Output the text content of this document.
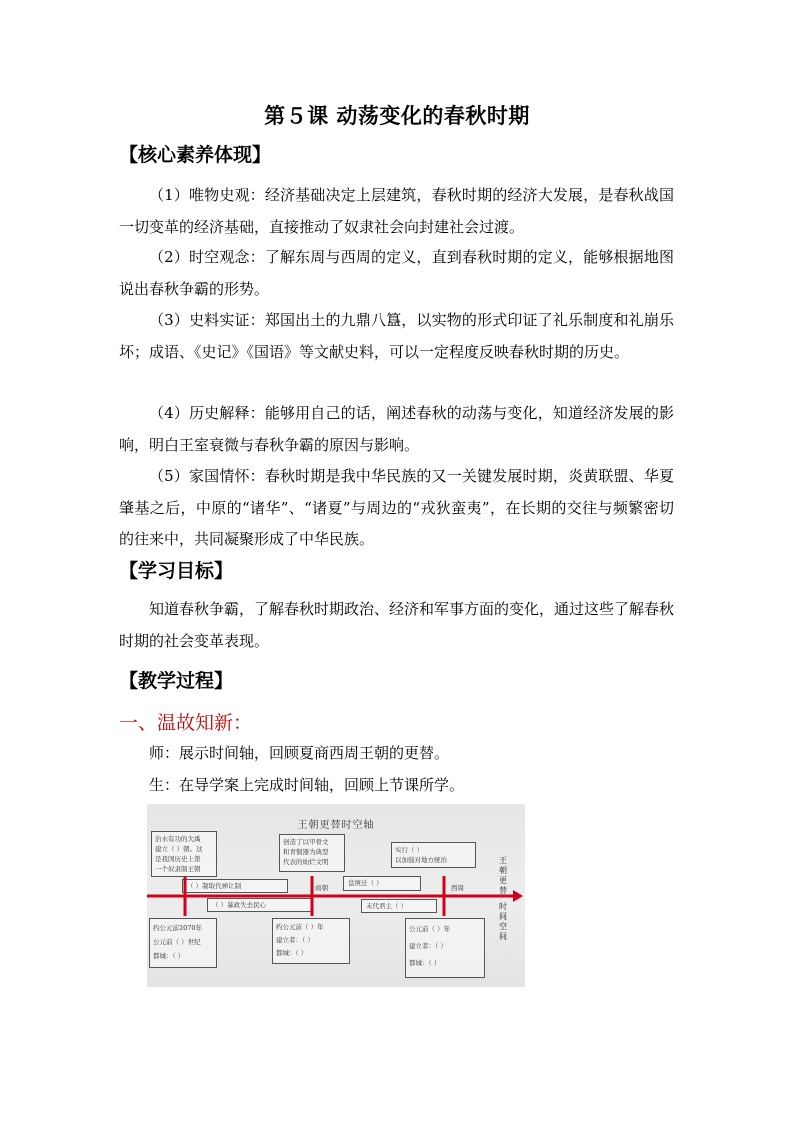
第５课 动荡变化的春秋时期
【核心素养体现】
（1）唯物史观：经济基础决定上层建筑，春秋时期的经济大发展，是春秋战国一切变革的经济基础，直接推动了奴隶社会向封建社会过渡。
（2）时空观念：了解东周与西周的定义，直到春秋时期的定义，能够根据地图说出春秋争霸的形势。
（3）史料实证：郑国出土的九鼎八簋，以实物的形式印证了礼乐制度和礼崩乐坏；成语、《史记》《国语》等文献史料，可以一定程度反映春秋时期的历史。
（4）历史解释：能够用自己的话，阐述春秋的动荡与变化，知道经济发展的影响，明白王室衰微与春秋争霸的原因与影响。
（5）家国情怀：春秋时期是我中华民族的又一关键发展时期，炎黄联盟、华夏肇基之后，中原的“诸华”、“诸夏”与周边的“戎狄蛮夷”，在长期的交往与频繁密切的往来中，共同凝聚形成了中华民族。
【学习目标】
知道春秋争霸，了解春秋时期政治、经济和军事方面的变化，通过这些了解春秋时期的社会变革表现。
【教学过程】
一、温故知新：
师：展示时间轴，回顾夏商西周王朝的更替。
生：在导学案上完成时间轴，回顾上节课所学。
王朝更替时空轴
治水有功的大禹
建立（ ）朝。这
是我国历史上第
一个奴隶制王朝
创造了以甲骨文
和青铜器为典型
代表的灿烂文明
实行（ ）
以加强对地方统治
（ ）制取代禅让制	盘庚迁（ ）
商朝	西周
（ ）暴政失去民心	末代君主（ ）
王朝更替
时间空间
约公元前2070年
公元前（ ）世纪
都城：（ ）
约公元前（ ）年
建立者：（ ）
都城：（ ）
公元前（ ）年
建立者：（ ）
都城：（ ）
